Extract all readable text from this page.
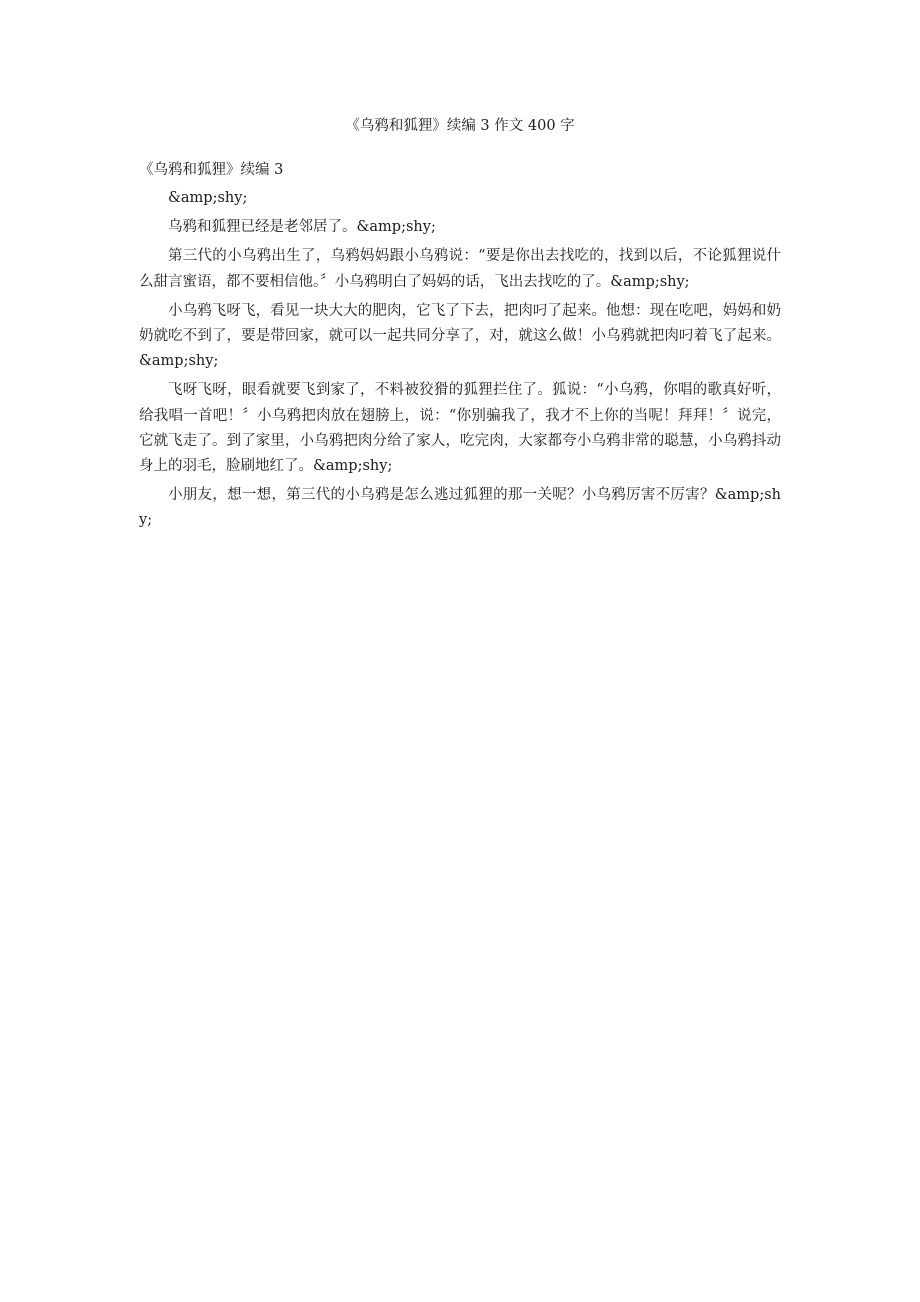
《乌鸦和狐狸》续编 3 作文 400 字

《乌鸦和狐狸》续编 3

&amp;shy;

乌鸦和狐狸已经是老邻居了。&amp;shy;

第三代的小乌鸦出生了，乌鸦妈妈跟小乌鸦说：“要是你出去找吃的，找到以后，不论狐狸说什么甜言蜜语，都不要相信他。〞小乌鸦明白了妈妈的话，飞出去找吃的了。&amp;shy;

小乌鸦飞呀飞，看见一块大大的肥肉，它飞了下去，把肉叼了起来。他想：现在吃吧，妈妈和奶奶就吃不到了，要是带回家，就可以一起共同分享了，对，就这么做！小乌鸦就把肉叼着飞了起来。&amp;shy;

飞呀飞呀，眼看就要飞到家了，不料被狡猾的狐狸拦住了。狐说：“小乌鸦，你唱的歌真好听，给我唱一首吧！〞小乌鸦把肉放在翅膀上，说：“你别骗我了，我才不上你的当呢！拜拜！〞说完，它就飞走了。到了家里，小乌鸦把肉分给了家人，吃完肉，大家都夸小乌鸦非常的聪慧，小乌鸦抖动身上的羽毛，脸刷地红了。&amp;shy;

小朋友，想一想，第三代的小乌鸦是怎么逃过狐狸的那一关呢？小乌鸦厉害不厉害？&amp;shy;
